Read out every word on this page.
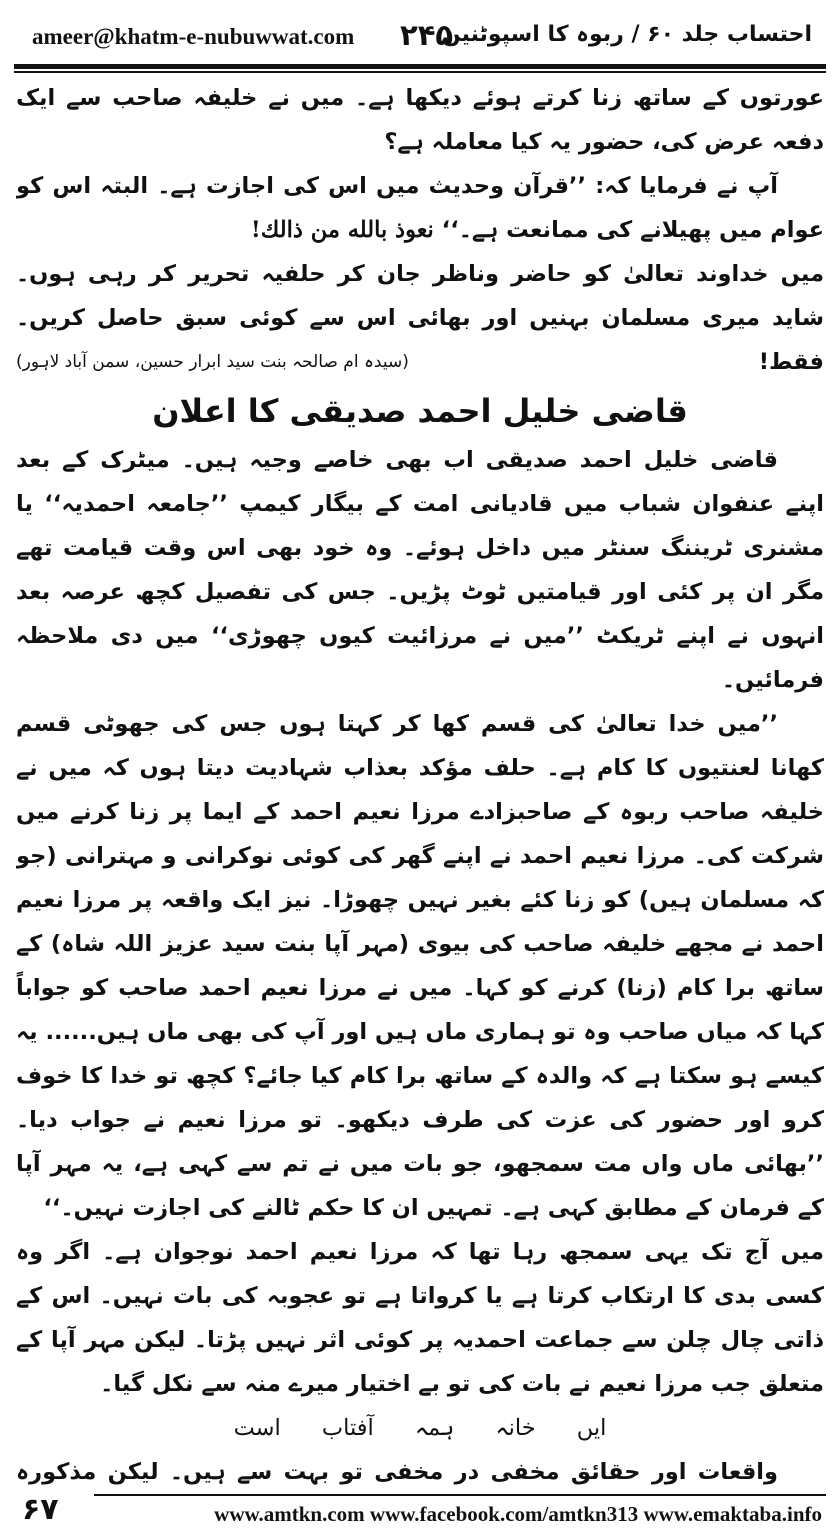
ameer@khatm-e-nubuwwat.com ۲۴۵
احتساب جلد ۶۰ / ربوہ کا اسپوٹنین

عورتوں کے ساتھ زنا کرتے ہوئے دیکھا ہے۔ میں نے خلیفہ صاحب سے ایک دفعہ عرض کی، حضور یہ کیا معاملہ ہے؟

آپ نے فرمایا کہ: ’’قرآن وحدیث میں اس کی اجازت ہے۔ البتہ اس کو عوام میں پھیلانے کی ممانعت ہے۔‘‘ نعوذ بالله من ذالك!

میں خداوند تعالیٰ کو حاضر وناظر جان کر حلفیہ تحریر کر رہی ہوں۔ شاید میری مسلمان بہنیں اور بھائی اس سے کوئی سبق حاصل کریں۔ فقط!
(سیدہ ام صالحہ بنت سید ابرار حسین، سمن آباد لاہور)

قاضی خلیل احمد صدیقی کا اعلان

قاضی خلیل احمد صدیقی اب بھی خاصے وجیہ ہیں۔ میٹرک کے بعد اپنے عنفوان شباب میں قادیانی امت کے بیگار کیمپ ’’جامعہ احمدیہ‘‘ یا مشنری ٹریننگ سنٹر میں داخل ہوئے۔ وہ خود بھی اس وقت قیامت تھے مگر ان پر کئی اور قیامتیں ٹوٹ پڑیں۔ جس کی تفصیل کچھ عرصہ بعد انہوں نے اپنے ٹریکٹ ’’میں نے مرزائیت کیوں چھوڑی‘‘ میں دی ملاحظہ فرمائیں۔

’’میں خدا تعالیٰ کی قسم کھا کر کہتا ہوں جس کی جھوٹی قسم کھانا لعنتیوں کا کام ہے۔ حلف مؤکد بعذاب شہادیت دیتا ہوں کہ میں نے خلیفہ صاحب ربوہ کے صاحبزادے مرزا نعیم احمد کے ایما پر زنا کرنے میں شرکت کی۔ مرزا نعیم احمد نے اپنے گھر کی کوئی نوکرانی و مہترانی (جو کہ مسلمان ہیں) کو زنا کئے بغیر نہیں چھوڑا۔ نیز ایک واقعہ پر مرزا نعیم احمد نے مجھے خلیفہ صاحب کی بیوی (مہر آپا بنت سید عزیز اللہ شاہ) کے ساتھ برا کام (زنا) کرنے کو کہا۔ میں نے مرزا نعیم احمد صاحب کو جواباً کہا کہ میاں صاحب وہ تو ہماری ماں ہیں اور آپ کی بھی ماں ہیں...... یہ کیسے ہو سکتا ہے کہ والدہ کے ساتھ برا کام کیا جائے؟ کچھ تو خدا کا خوف کرو اور حضور کی عزت کی طرف دیکھو۔ تو مرزا نعیم نے جواب دیا۔ ’’بھائی ماں واں مت سمجھو، جو بات میں نے تم سے کہی ہے، یہ مہر آپا کے فرمان کے مطابق کہی ہے۔ تمہیں ان کا حکم ٹالنے کی اجازت نہیں۔‘‘

میں آج تک یہی سمجھ رہا تھا کہ مرزا نعیم احمد نوجوان ہے۔ اگر وہ کسی بدی کا ارتکاب کرتا ہے یا کرواتا ہے تو عجوبہ کی بات نہیں۔ اس کے ذاتی چال چلن سے جماعت احمدیہ پر کوئی اثر نہیں پڑتا۔ لیکن مہر آپا کے متعلق جب مرزا نعیم نے بات کی تو بے اختیار میرے منہ سے نکل گیا۔

ایں خانہ ہمہ آفتاب است

واقعات اور حقائق مخفی در مخفی تو بہت سے ہیں۔ لیکن مذکورہ

۶۷	www.amtkn.com www.facebook.com/amtkn313 www.emaktaba.info
